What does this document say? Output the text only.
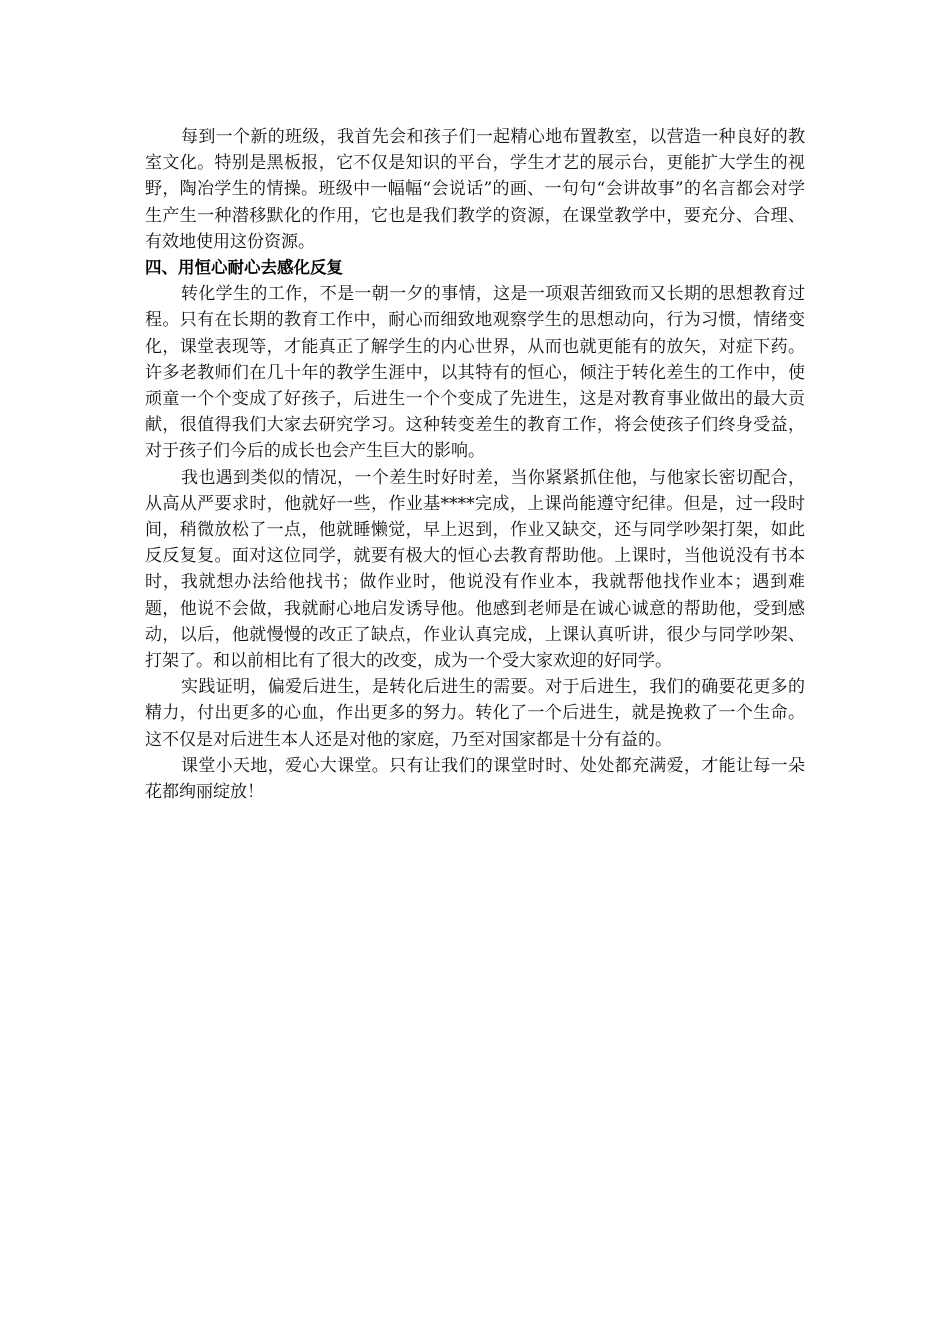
每到一个新的班级，我首先会和孩子们一起精心地布置教室，以营造一种良好的教室文化。特别是黑板报，它不仅是知识的平台，学生才艺的展示台，更能扩大学生的视野，陶冶学生的情操。班级中一幅幅“会说话”的画、一句句“会讲故事”的名言都会对学生产生一种潜移默化的作用，它也是我们教学的资源，在课堂教学中，要充分、合理、有效地使用这份资源。

四、用恒心耐心去感化反复

转化学生的工作，不是一朝一夕的事情，这是一项艰苦细致而又长期的思想教育过程。只有在长期的教育工作中，耐心而细致地观察学生的思想动向，行为习惯，情绪变化，课堂表现等，才能真正了解学生的内心世界，从而也就更能有的放矢，对症下药。许多老教师们在几十年的教学生涯中，以其特有的恒心，倾注于转化差生的工作中，使顽童一个个变成了好孩子，后进生一个个变成了先进生，这是对教育事业做出的最大贡献，很值得我们大家去研究学习。这种转变差生的教育工作，将会使孩子们终身受益，对于孩子们今后的成长也会产生巨大的影响。

我也遇到类似的情况，一个差生时好时差，当你紧紧抓住他，与他家长密切配合，从高从严要求时，他就好一些，作业基****完成，上课尚能遵守纪律。但是，过一段时间，稍微放松了一点，他就睡懒觉，早上迟到，作业又缺交，还与同学吵架打架，如此反反复复。面对这位同学，就要有极大的恒心去教育帮助他。上课时，当他说没有书本时，我就想办法给他找书；做作业时，他说没有作业本，我就帮他找作业本；遇到难题，他说不会做，我就耐心地启发诱导他。他感到老师是在诚心诚意的帮助他，受到感动，以后，他就慢慢的改正了缺点，作业认真完成，上课认真听讲，很少与同学吵架、打架了。和以前相比有了很大的改变，成为一个受大家欢迎的好同学。

实践证明，偏爱后进生，是转化后进生的需要。对于后进生，我们的确要花更多的精力，付出更多的心血，作出更多的努力。转化了一个后进生，就是挽救了一个生命。这不仅是对后进生本人还是对他的家庭，乃至对国家都是十分有益的。

课堂小天地，爱心大课堂。只有让我们的课堂时时、处处都充满爱，才能让每一朵花都绚丽绽放！
